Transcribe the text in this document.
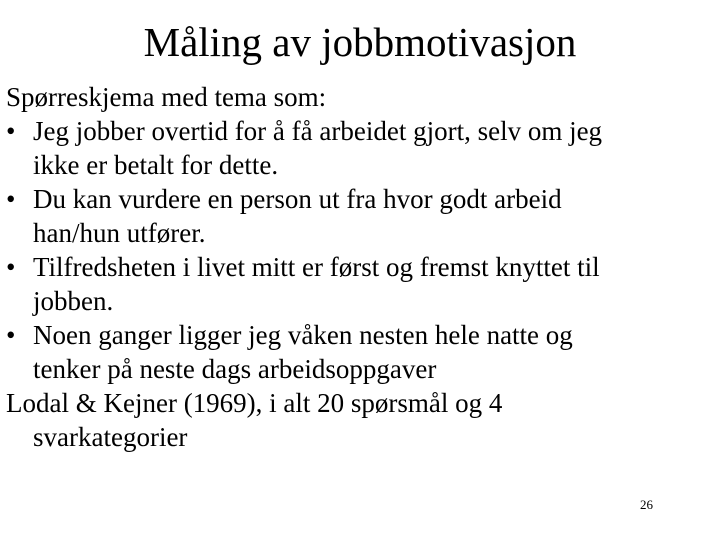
Måling av jobbmotivasjon
Spørreskjema med tema som:
• Jeg jobber overtid for å få arbeidet gjort, selv om jeg
ikke er betalt for dette.
• Du kan vurdere en person ut fra hvor godt arbeid
han/hun utfører.
• Tilfredsheten i livet mitt er først og fremst knyttet til
jobben.
• Noen ganger ligger jeg våken nesten hele natte og
tenker på neste dags arbeidsoppgaver
Lodal & Kejner (1969), i alt 20 spørsmål og 4
svarkategorier
26
